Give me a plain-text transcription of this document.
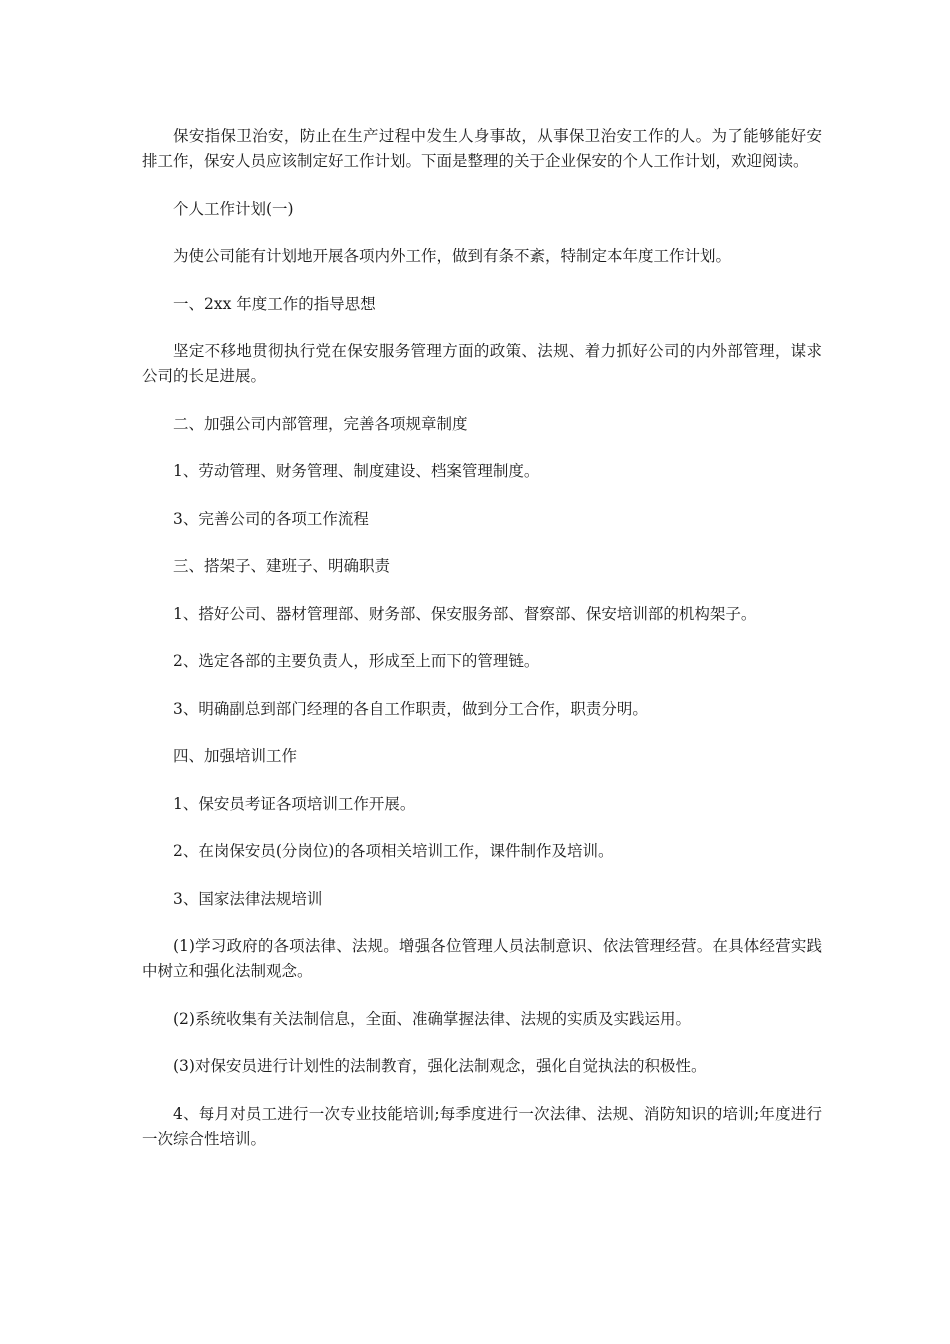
保安指保卫治安，防止在生产过程中发生人身事故，从事保卫治安工作的人。为了能够能好安排工作，保安人员应该制定好工作计划。下面是整理的关于企业保安的个人工作计划，欢迎阅读。

个人工作计划(一)

为使公司能有计划地开展各项内外工作，做到有条不紊，特制定本年度工作计划。

一、2xx 年度工作的指导思想

坚定不移地贯彻执行党在保安服务管理方面的政策、法规、着力抓好公司的内外部管理，谋求公司的长足进展。

二、加强公司内部管理，完善各项规章制度

1、劳动管理、财务管理、制度建设、档案管理制度。

3、完善公司的各项工作流程

三、搭架子、建班子、明确职责

1、搭好公司、器材管理部、财务部、保安服务部、督察部、保安培训部的机构架子。

2、选定各部的主要负责人，形成至上而下的管理链。

3、明确副总到部门经理的各自工作职责，做到分工合作，职责分明。

四、加强培训工作

1、保安员考证各项培训工作开展。

2、在岗保安员(分岗位)的各项相关培训工作，课件制作及培训。

3、国家法律法规培训

(1)学习政府的各项法律、法规。增强各位管理人员法制意识、依法管理经营。在具体经营实践中树立和强化法制观念。

(2)系统收集有关法制信息，全面、准确掌握法律、法规的实质及实践运用。

(3)对保安员进行计划性的法制教育，强化法制观念，强化自觉执法的积极性。

4、每月对员工进行一次专业技能培训;每季度进行一次法律、法规、消防知识的培训;年度进行一次综合性培训。
